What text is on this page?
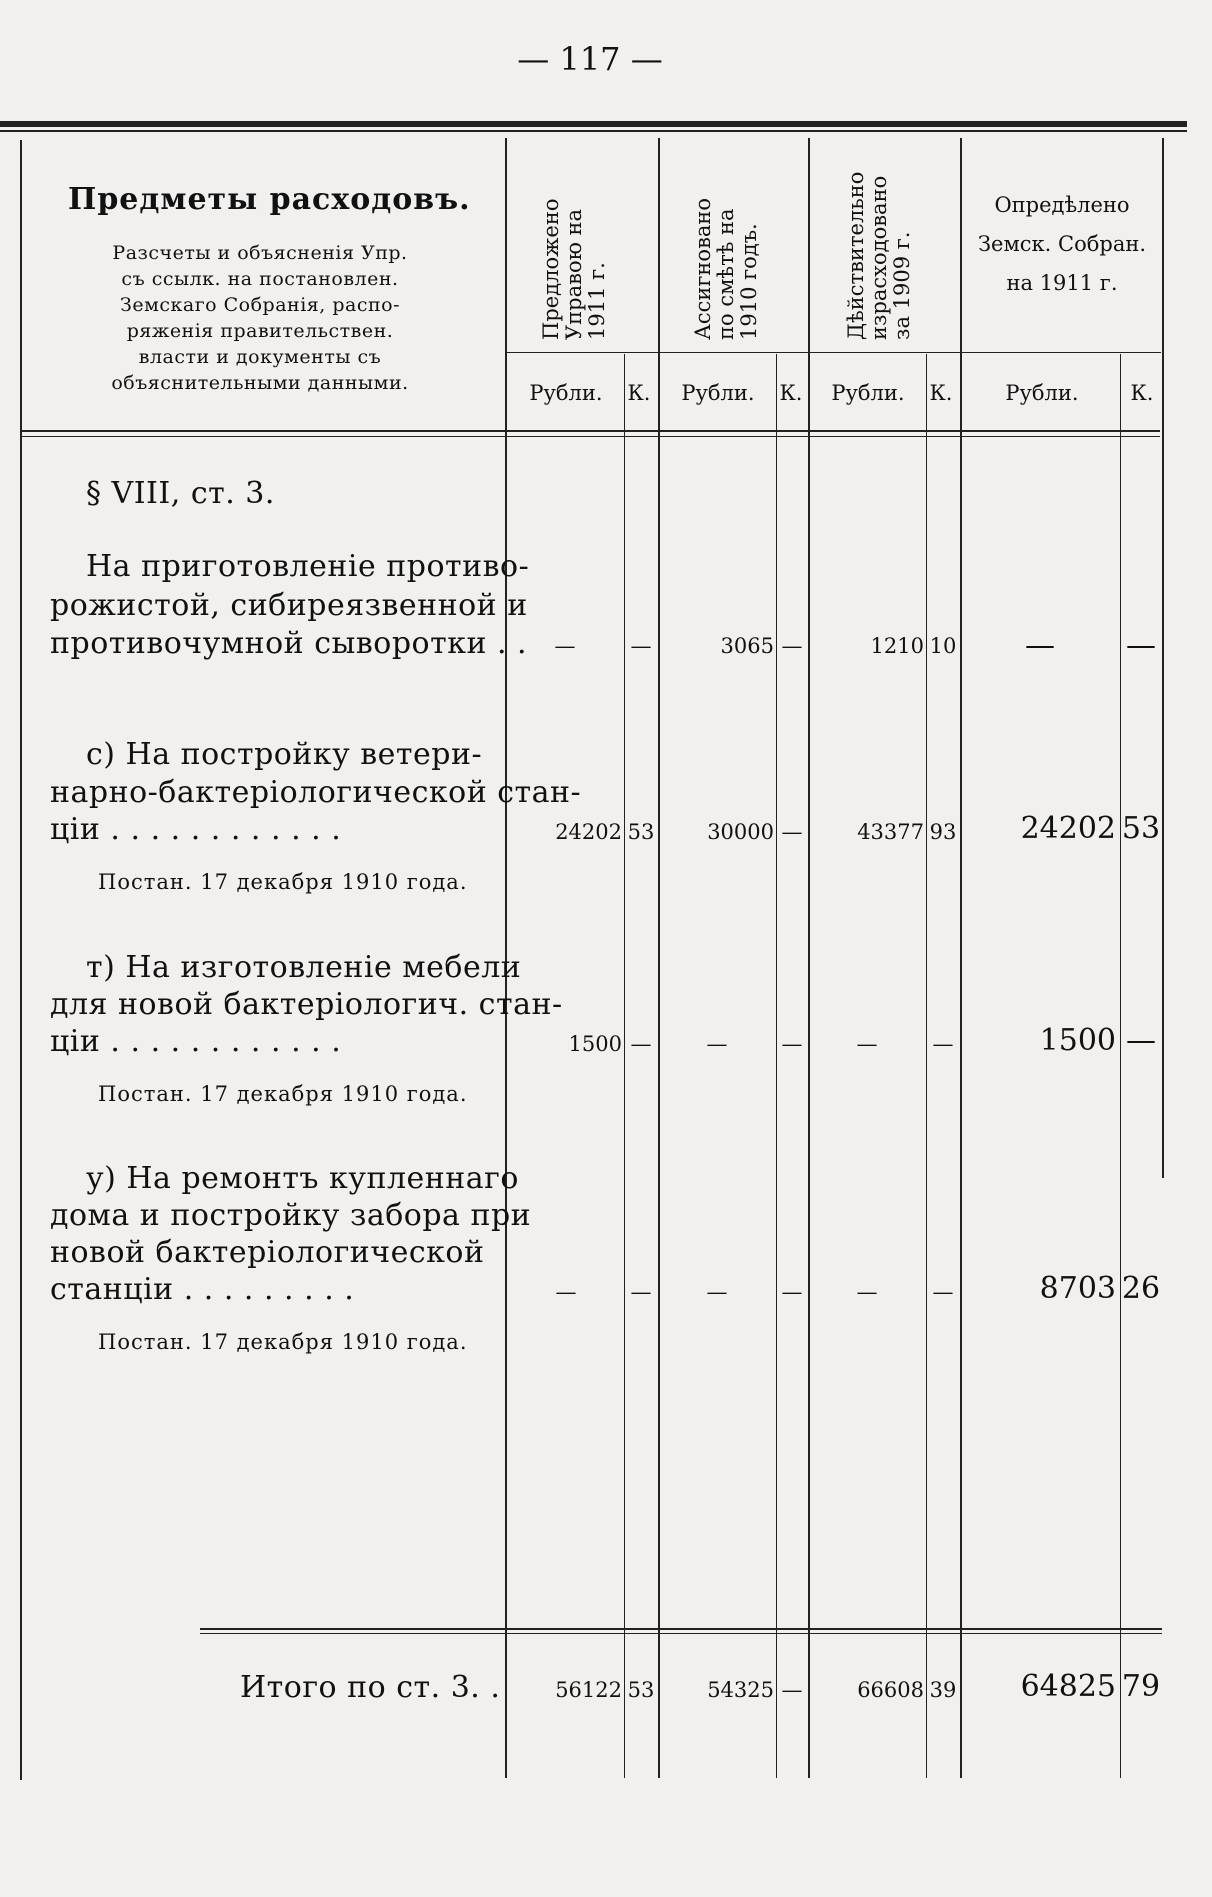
— 117 —
Предметы расходовъ.
Разсчеты и объясненія Упр.
съ ссылк. на постановлен.
Земскаго Собранія, распо-
ряженія правительствен.
власти и документы съ
объяснительными данными.
Предложено Управою на 1911 г.	Ассигновано по смѣтѣ на 1910 годъ.	Дѣйствительно израсходовано за 1909 г.
Опредѣлено
Земск. Собран.
на 1911 г.
Рубли.	К.	Рубли.	К.	Рубли.	К.	Рубли.	К.
§ VIII, ст. 3.
На приготовленіе противо-
рожистой, сибиреязвенной и
противочумной сыворотки . .	—	—	3065 —	1210 10	—	—
с) На постройку ветери-
нарно-бактеріологической стан-
ціи . . . . . . . . . . . .
Постан. 17 декабря 1910 года.
24202 53	30000 —	43377 93	24202 53
т) На изготовленіе мебели
для новой бактеріологич. стан-
ціи . . . . . . . . . . . .
Постан. 17 декабря 1910 года.
1500 —	—	—	—	—	1500 —
у) На ремонтъ купленнаго
дома и постройку забора при
новой бактеріологической
станціи . . . . . . . . .
Постан. 17 декабря 1910 года.
—	—	—	—	—	—	8703 26
Итого по ст. 3. .	56122 53	54325 —	66608 39	64825 79
